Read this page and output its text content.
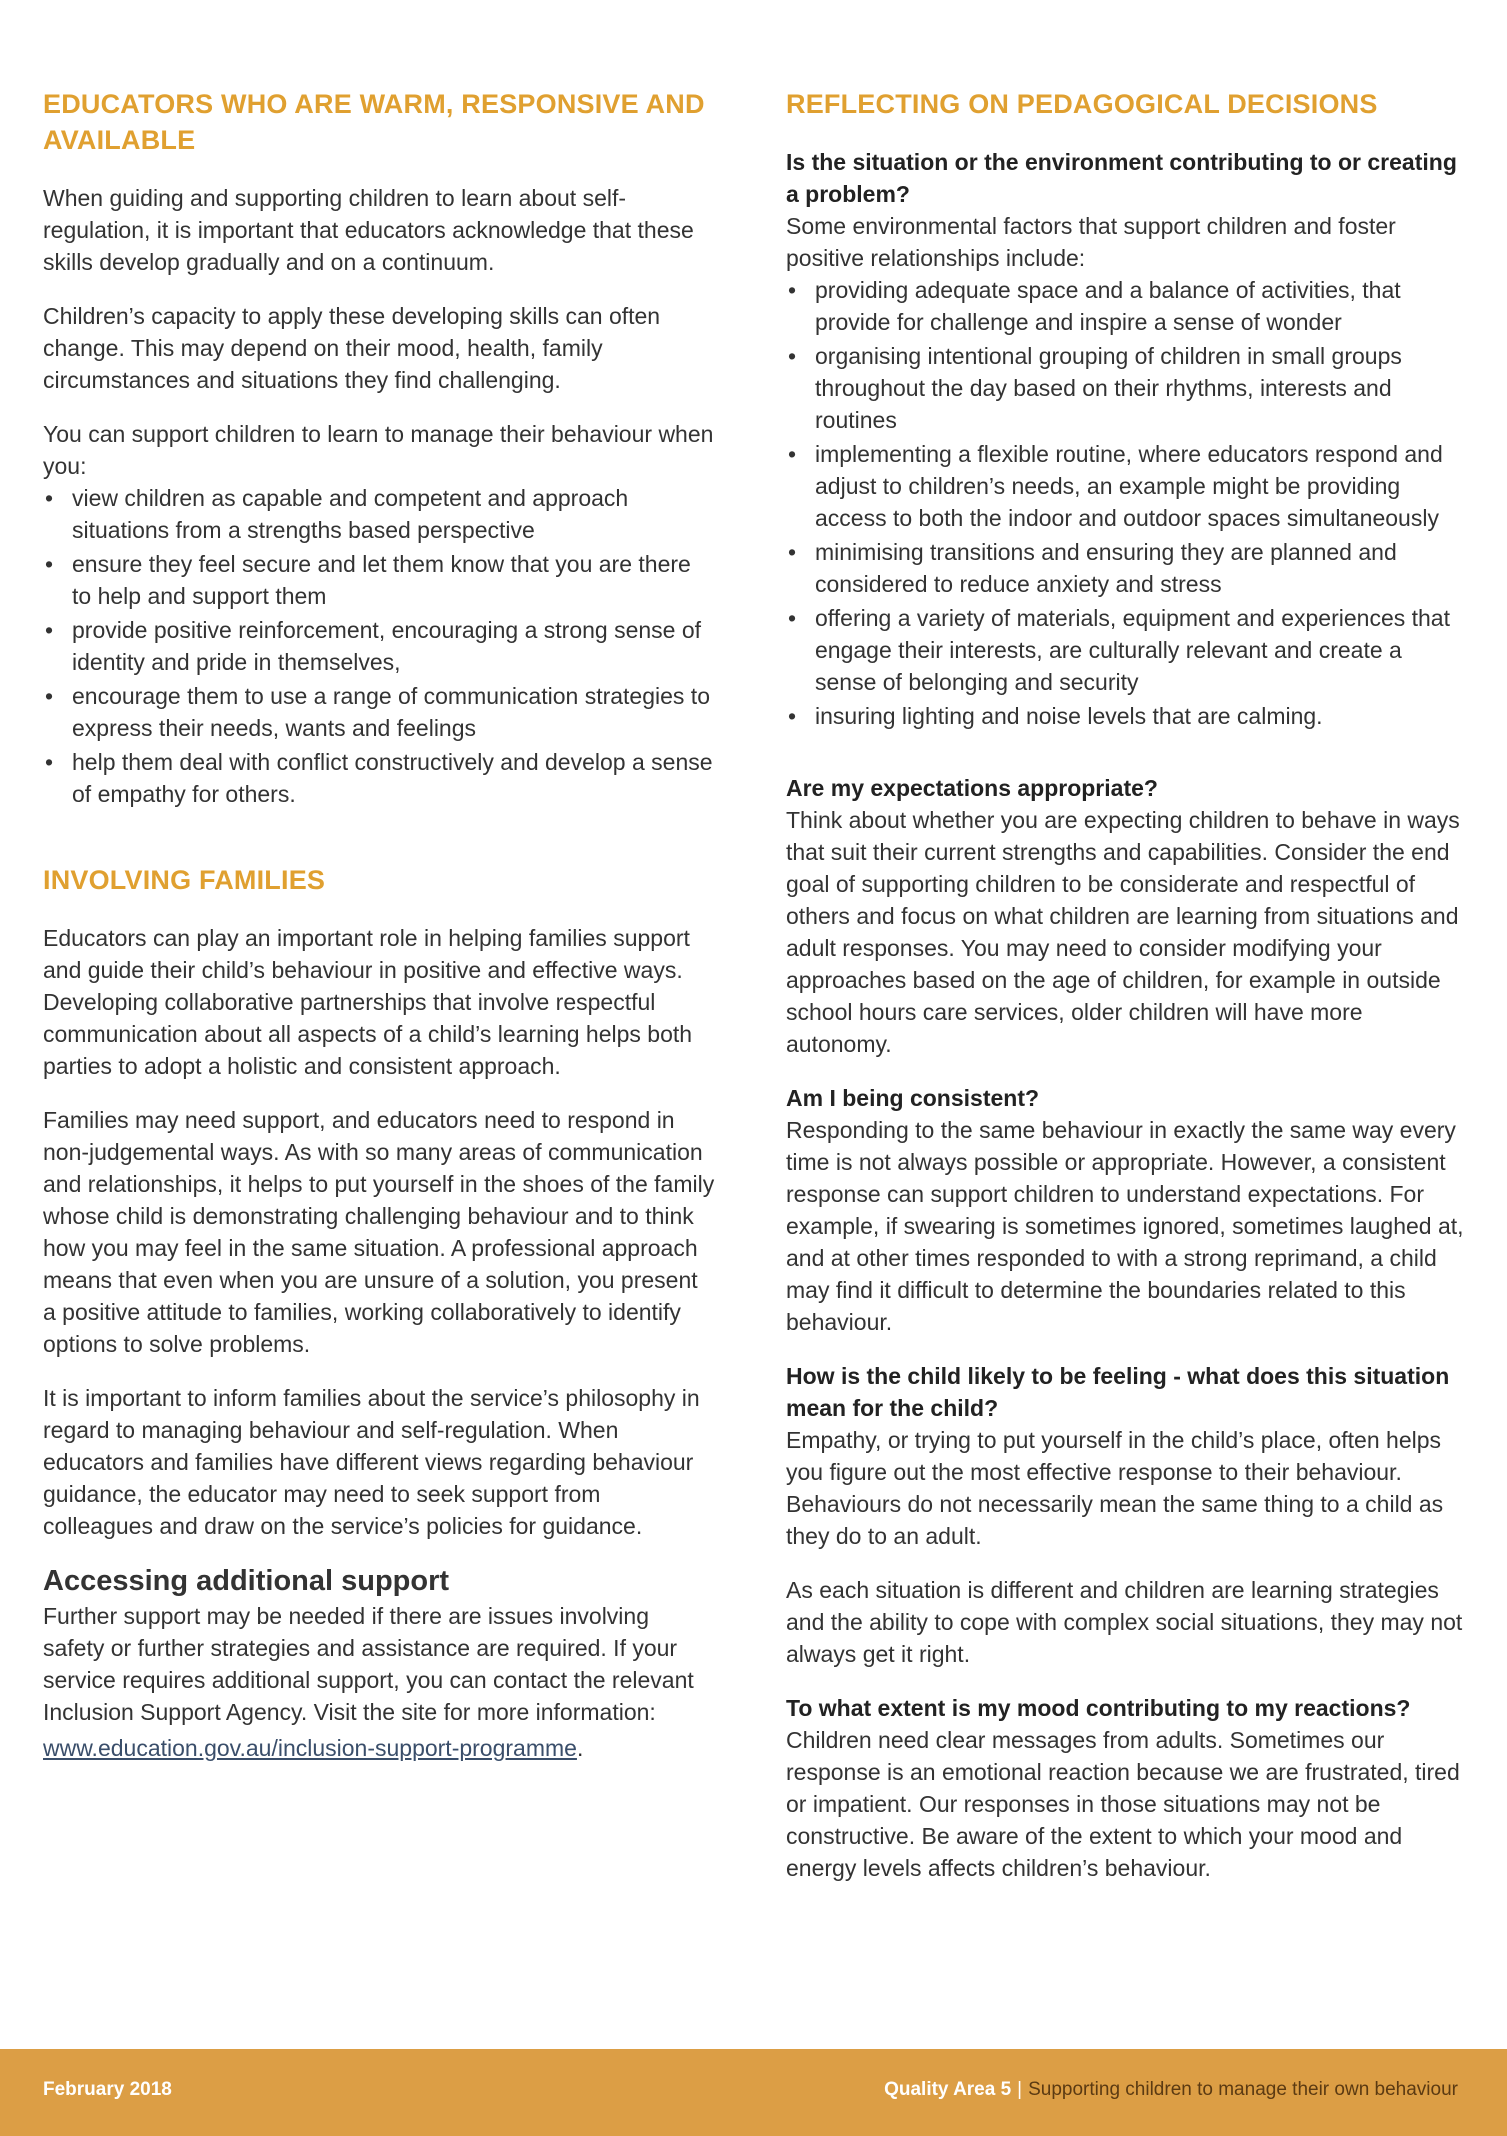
EDUCATORS WHO ARE WARM, RESPONSIVE AND AVAILABLE

When guiding and supporting children to learn about self-regulation, it is important that educators acknowledge that these skills develop gradually and on a continuum.

Children’s capacity to apply these developing skills can often change. This may depend on their mood, health, family circumstances and situations they find challenging.

You can support children to learn to manage their behaviour when you:

• view children as capable and competent and approach situations from a strengths based perspective
• ensure they feel secure and let them know that you are there to help and support them
• provide positive reinforcement, encouraging a strong sense of identity and pride in themselves,
• encourage them to use a range of communication strategies to express their needs, wants and feelings
• help them deal with conflict constructively and develop a sense of empathy for others.
INVOLVING FAMILIES

Educators can play an important role in helping families support and guide their child’s behaviour in positive and effective ways. Developing collaborative partnerships that involve respectful communication about all aspects of a child’s learning helps both parties to adopt a holistic and consistent approach.

Families may need support, and educators need to respond in non-judgemental ways. As with so many areas of communication and relationships, it helps to put yourself in the shoes of the family whose child is demonstrating challenging behaviour and to think how you may feel in the same situation. A professional approach means that even when you are unsure of a solution, you present a positive attitude to families, working collaboratively to identify options to solve problems.

It is important to inform families about the service’s philosophy in regard to managing behaviour and self-regulation. When educators and families have different views regarding behaviour guidance, the educator may need to seek support from colleagues and draw on the service’s policies for guidance.

Accessing additional support

Further support may be needed if there are issues involving safety or further strategies and assistance are required. If your service requires additional support, you can contact the relevant Inclusion Support Agency. Visit the site for more information:

www.education.gov.au/inclusion-support-programme.
REFLECTING ON PEDAGOGICAL DECISIONS
Is the situation or the environment contributing to or creating a problem?

Some environmental factors that support children and foster positive relationships include:

• providing adequate space and a balance of activities, that provide for challenge and inspire a sense of wonder
• organising intentional grouping of children in small groups throughout the day based on their rhythms, interests and routines
• implementing a flexible routine, where educators respond and adjust to children’s needs, an example might be providing access to both the indoor and outdoor spaces simultaneously
• minimising transitions and ensuring they are planned and considered to reduce anxiety and stress
• offering a variety of materials, equipment and experiences that engage their interests, are culturally relevant and create a sense of belonging and security
• insuring lighting and noise levels that are calming.
Are my expectations appropriate?

Think about whether you are expecting children to behave in ways that suit their current strengths and capabilities. Consider the end goal of supporting children to be considerate and respectful of others and focus on what children are learning from situations and adult responses. You may need to consider modifying your approaches based on the age of children, for example in outside school hours care services, older children will have more autonomy.

Am I being consistent?

Responding to the same behaviour in exactly the same way every time is not always possible or appropriate. However, a consistent response can support children to understand expectations. For example, if swearing is sometimes ignored, sometimes laughed at, and at other times responded to with a strong reprimand, a child may find it difficult to determine the boundaries related to this behaviour.

How is the child likely to be feeling - what does this situation mean for the child?

Empathy, or trying to put yourself in the child’s place, often helps you figure out the most effective response to their behaviour. Behaviours do not necessarily mean the same thing to a child as they do to an adult.

As each situation is different and children are learning strategies and the ability to cope with complex social situations, they may not always get it right.

To what extent is my mood contributing to my reactions?

Children need clear messages from adults. Sometimes our response is an emotional reaction because we are frustrated, tired or impatient. Our responses in those situations may not be constructive. Be aware of the extent to which your mood and energy levels affects children’s behaviour.

February 2018	Quality Area 5 | Supporting children to manage their own behaviour
